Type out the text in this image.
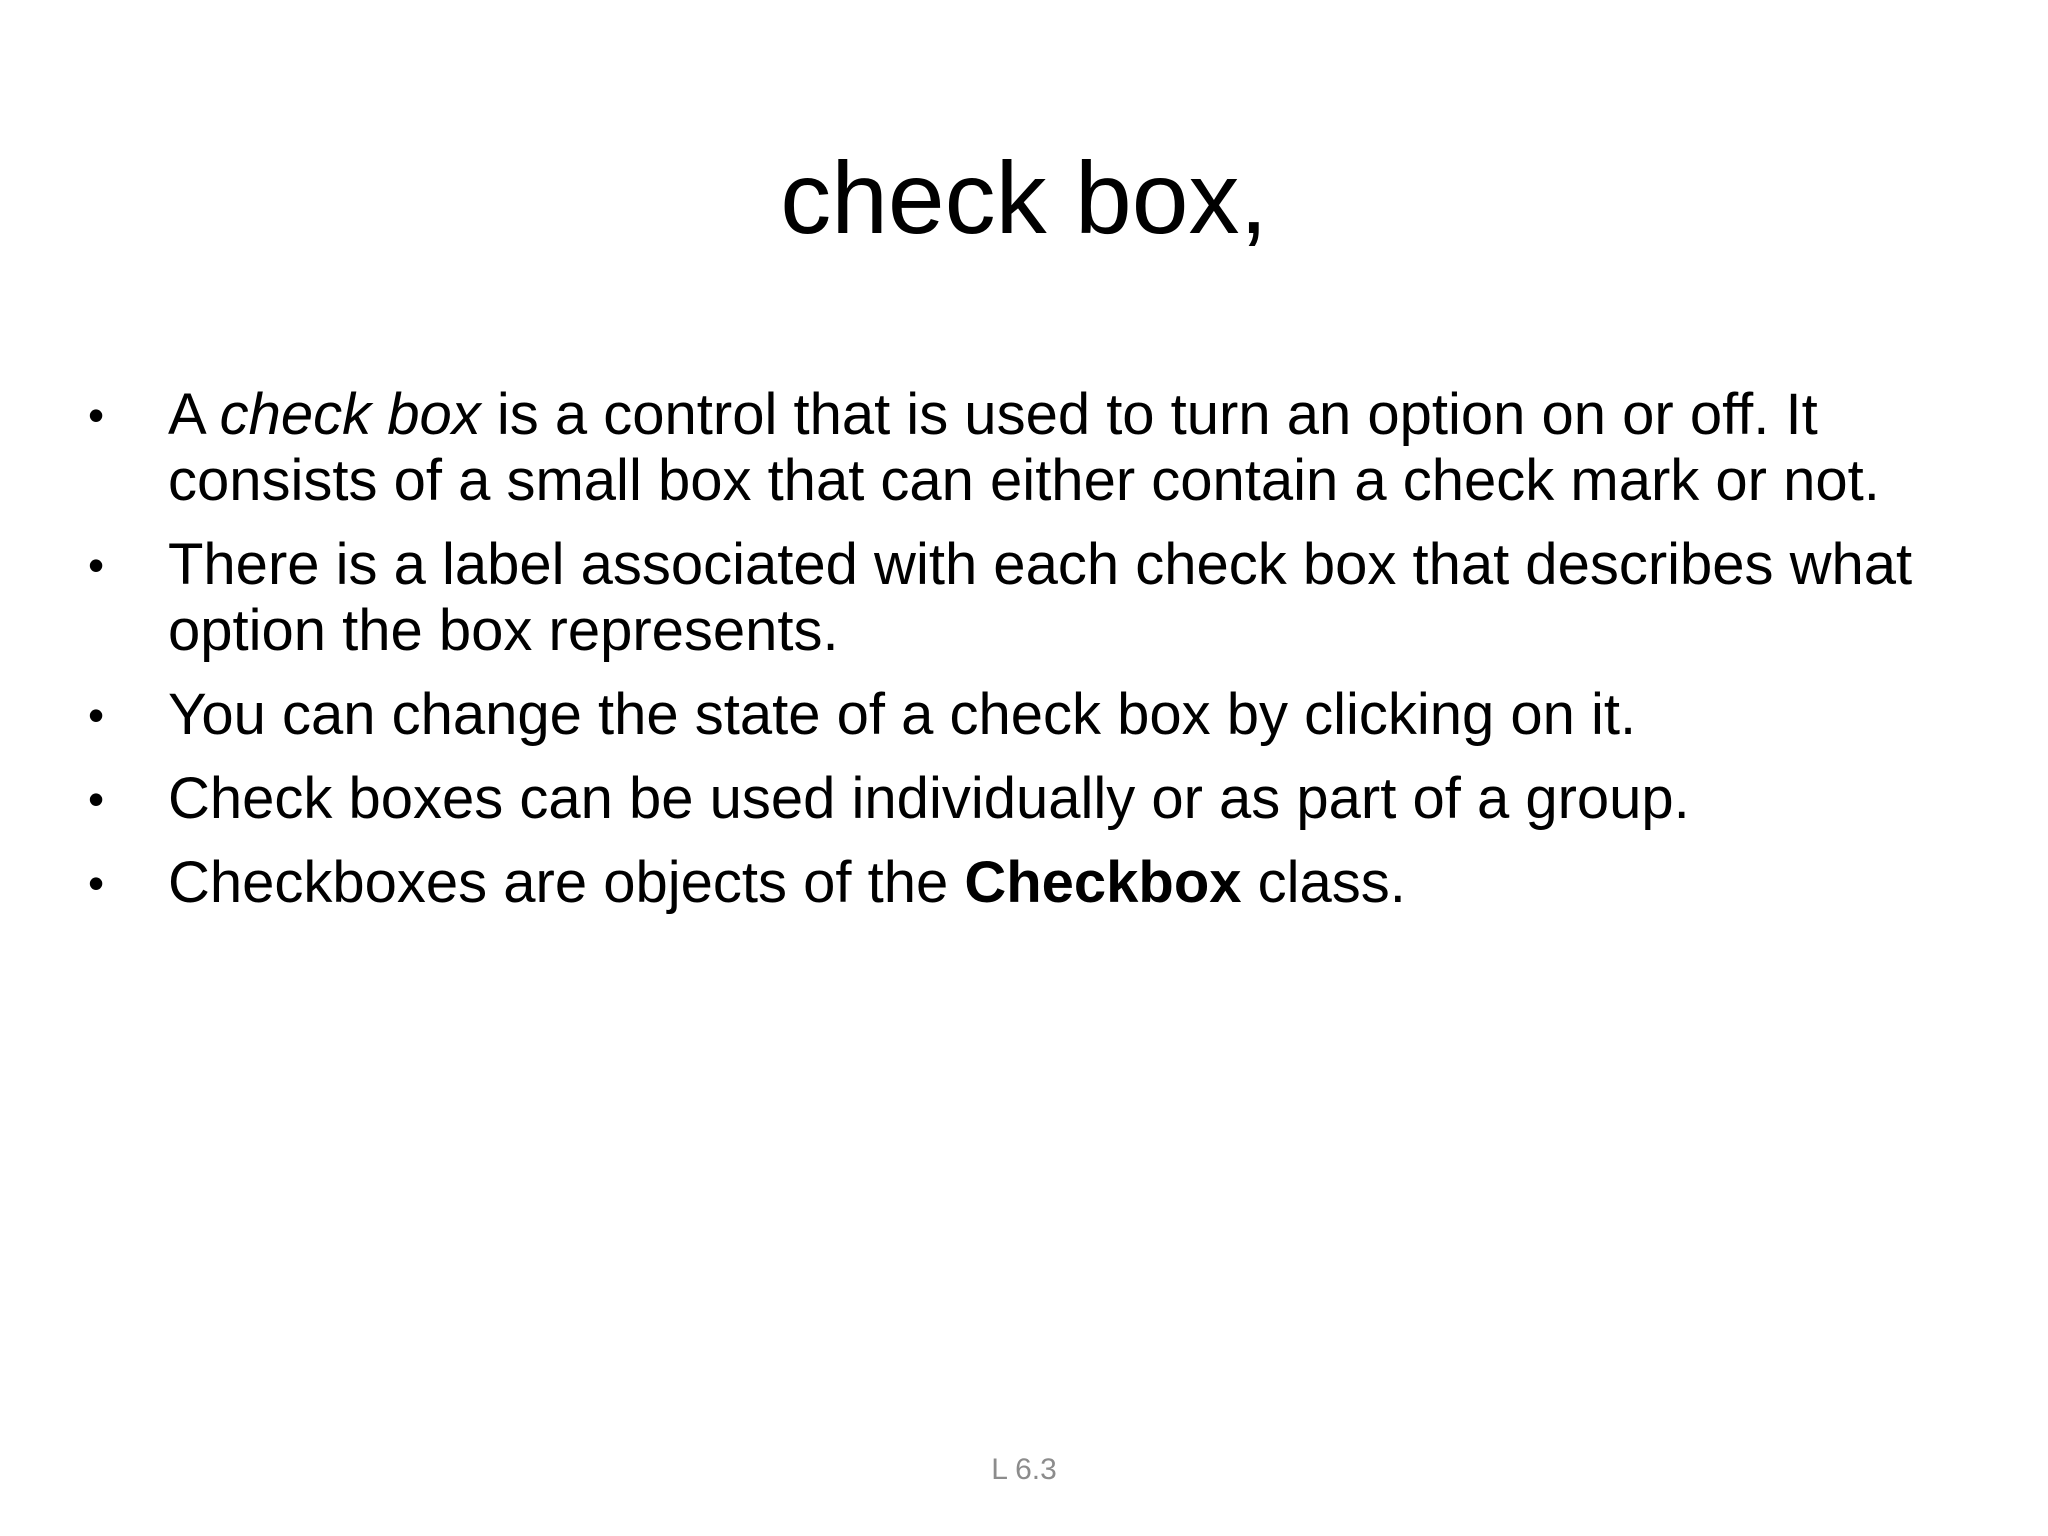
check box,
• A check box is a control that is used to turn an option on or off. It consists of a small box that can either contain a check mark or not.
• There is a label associated with each check box that describes what option the box represents.
• You can change the state of a check box by clicking on it.
• Check boxes can be used individually or as part of a group.
• Checkboxes are objects of the Checkbox class.
L 6.3
